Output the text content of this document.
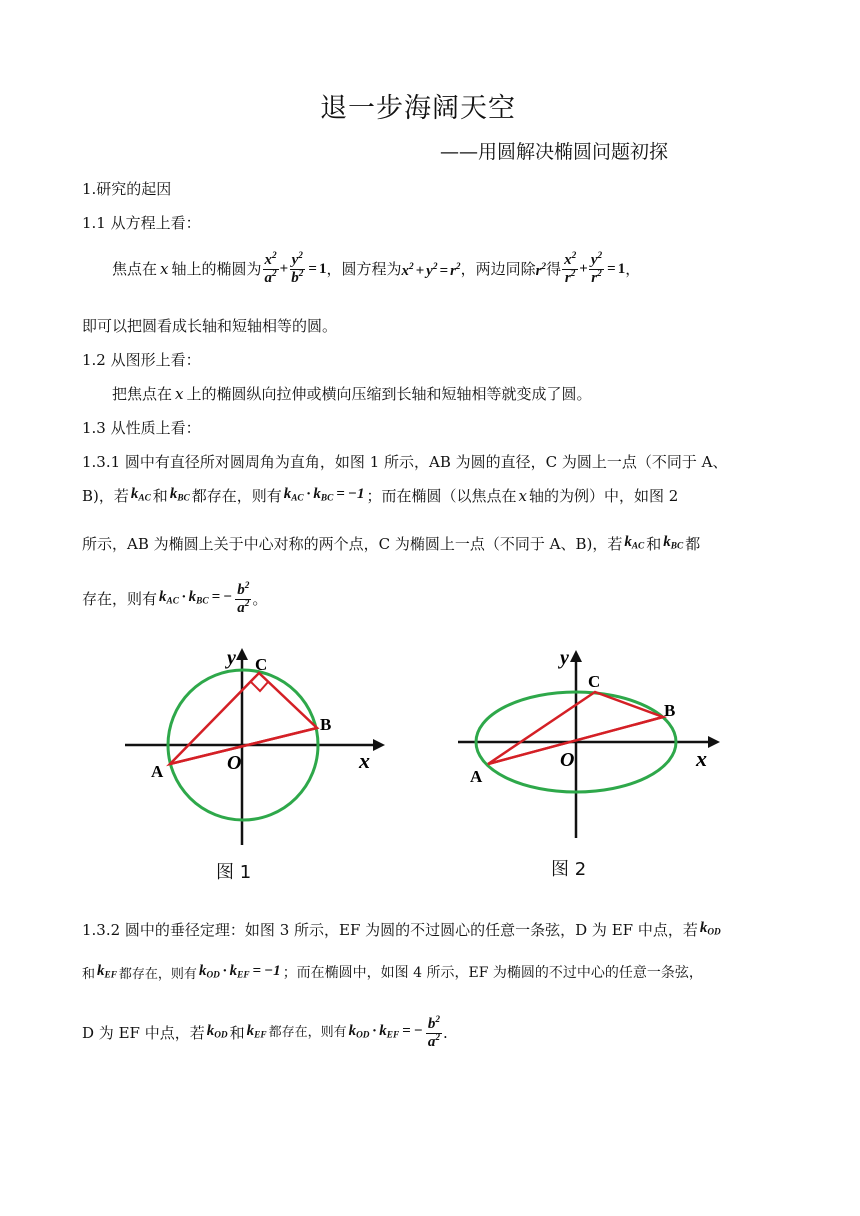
退一步海阔天空
——用圆解决椭圆问题初探
1.研究的起因
1.1 从方程上看：
焦点在 x 轴上的椭圆为 $\frac{x^2}{a^2} + \frac{y^2}{b^2} = 1$ ，圆方程为 $x^2 + y^2 = r^2$ ，两边同除 $r^2$ 得 $\frac{x^2}{r^2} + \frac{y^2}{r^2} = 1$ ，
即可以把圆看成长轴和短轴相等的圆。
1.2 从图形上看：
把焦点在 x 上的椭圆纵向拉伸或横向压缩到长轴和短轴相等就变成了圆。
1.3 从性质上看：
1.3.1 圆中有直径所对圆周角为直角，如图 1 所示，AB 为圆的直径，C 为圆上一点（不同于 A、
B)，若 $k_{AC}$ 和 $k_{BC}$ 都存在，则有 $k_{AC} \cdot k_{BC} = -1$ ；而在椭圆（以焦点在 x 轴的为例）中，如图 2
所示，AB 为椭圆上关于中心对称的两个点，C 为椭圆上一点（不同于 A、B)，若 $k_{AC}$ 和 $k_{BC}$ 都
存在，则有 $k_{AC} \cdot k_{BC}$ = − $\frac{b^2}{a^2}$ 。
y
x
O
A
B
C
图 1
y
x
O
A
B
C
图 2
1.3.2 圆中的垂径定理：如图 3 所示，EF 为圆的不过圆心的任意一条弦，D 为 EF 中点，若 $k_{OD}$
和 $k_{EF}$ 都存在，则有 $k_{OD} \cdot k_{EF} = -1$ ；而在椭圆中，如图 4 所示，EF 为椭圆的不过中心的任意一条弦，
D 为 EF 中点，若 $k_{OD}$ 和 $k_{EF}$ 都存在，则有 $k_{OD} \cdot k_{EF}$ = − $\frac{b^2}{a^2}$ .
